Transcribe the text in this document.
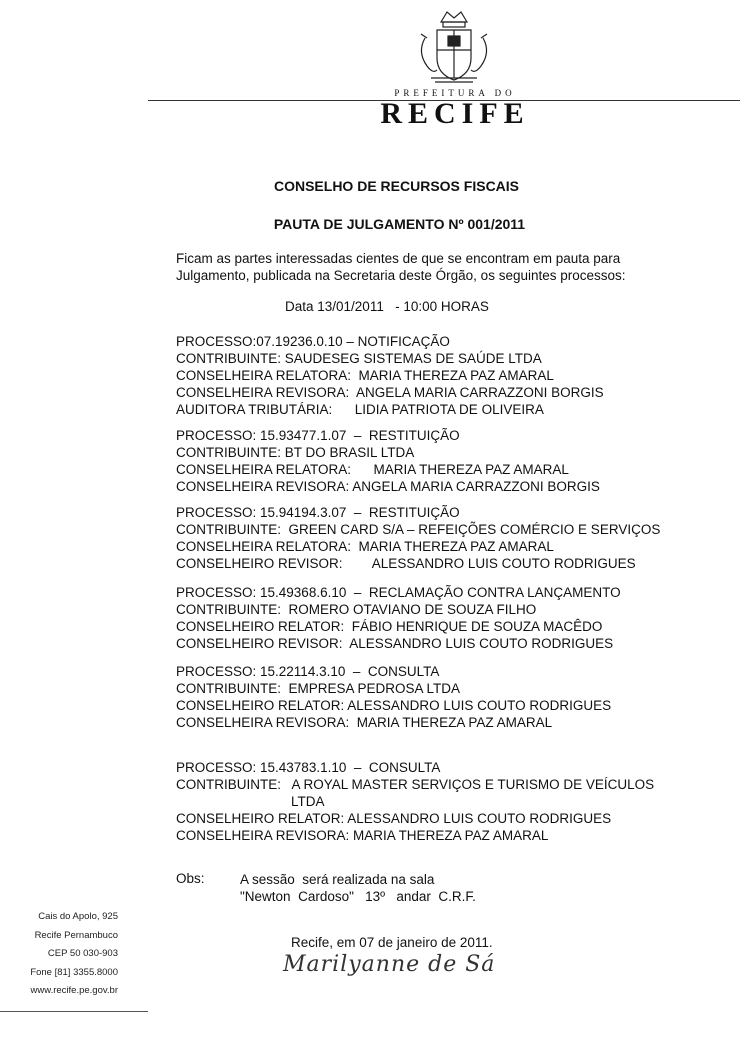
PREFEITURA DO
RECIFE
CONSELHO DE RECURSOS FISCAIS
PAUTA DE JULGAMENTO Nº 001/2011
Ficam as partes interessadas cientes de que se encontram em pauta para Julgamento, publicada na Secretaria deste Órgão, os seguintes processos:
Data 13/01/2011   - 10:00 HORAS
PROCESSO:07.19236.0.10 – NOTIFICAÇÃO
CONTRIBUINTE: SAUDESEG SISTEMAS DE SAÚDE LTDA
CONSELHEIRA RELATORA:  MARIA THEREZA PAZ AMARAL
CONSELHEIRA REVISORA:  ANGELA MARIA CARRAZZONI BORGIS
AUDITORA TRIBUTÁRIA:      LIDIA PATRIOTA DE OLIVEIRA
PROCESSO: 15.93477.1.07  –  RESTITUIÇÃO
CONTRIBUINTE: BT DO BRASIL LTDA
CONSELHEIRA RELATORA:      MARIA THEREZA PAZ AMARAL
CONSELHEIRA REVISORA: ANGELA MARIA CARRAZZONI BORGIS
PROCESSO: 15.94194.3.07  –  RESTITUIÇÃO
CONTRIBUINTE:  GREEN CARD S/A – REFEIÇÕES COMÉRCIO E SERVIÇOS
CONSELHEIRA RELATORA:  MARIA THEREZA PAZ AMARAL
CONSELHEIRO REVISOR:        ALESSANDRO LUIS COUTO RODRIGUES
PROCESSO: 15.49368.6.10  –  RECLAMAÇÃO CONTRA LANÇAMENTO
CONTRIBUINTE:  ROMERO OTAVIANO DE SOUZA FILHO
CONSELHEIRO RELATOR:  FÁBIO HENRIQUE DE SOUZA MACÊDO
CONSELHEIRO REVISOR:  ALESSANDRO LUIS COUTO RODRIGUES
PROCESSO: 15.22114.3.10  –  CONSULTA
CONTRIBUINTE:  EMPRESA PEDROSA LTDA
CONSELHEIRO RELATOR: ALESSANDRO LUIS COUTO RODRIGUES
CONSELHEIRA REVISORA:  MARIA THEREZA PAZ AMARAL
PROCESSO: 15.43783.1.10  –  CONSULTA
CONTRIBUINTE:   A ROYAL MASTER SERVIÇOS E TURISMO DE VEÍCULOS
LTDA
CONSELHEIRO RELATOR: ALESSANDRO LUIS COUTO RODRIGUES
CONSELHEIRA REVISORA: MARIA THEREZA PAZ AMARAL
Obs:	A sessão  será realizada na sala
"Newton  Cardoso"   13º   andar  C.R.F.
Recife, em 07 de janeiro de 2011.
Marilyanne de Sá
Cais do Apolo, 925
Recife Pernambuco
CEP 50 030-903
Fone [81] 3355.8000
www.recife.pe.gov.br
